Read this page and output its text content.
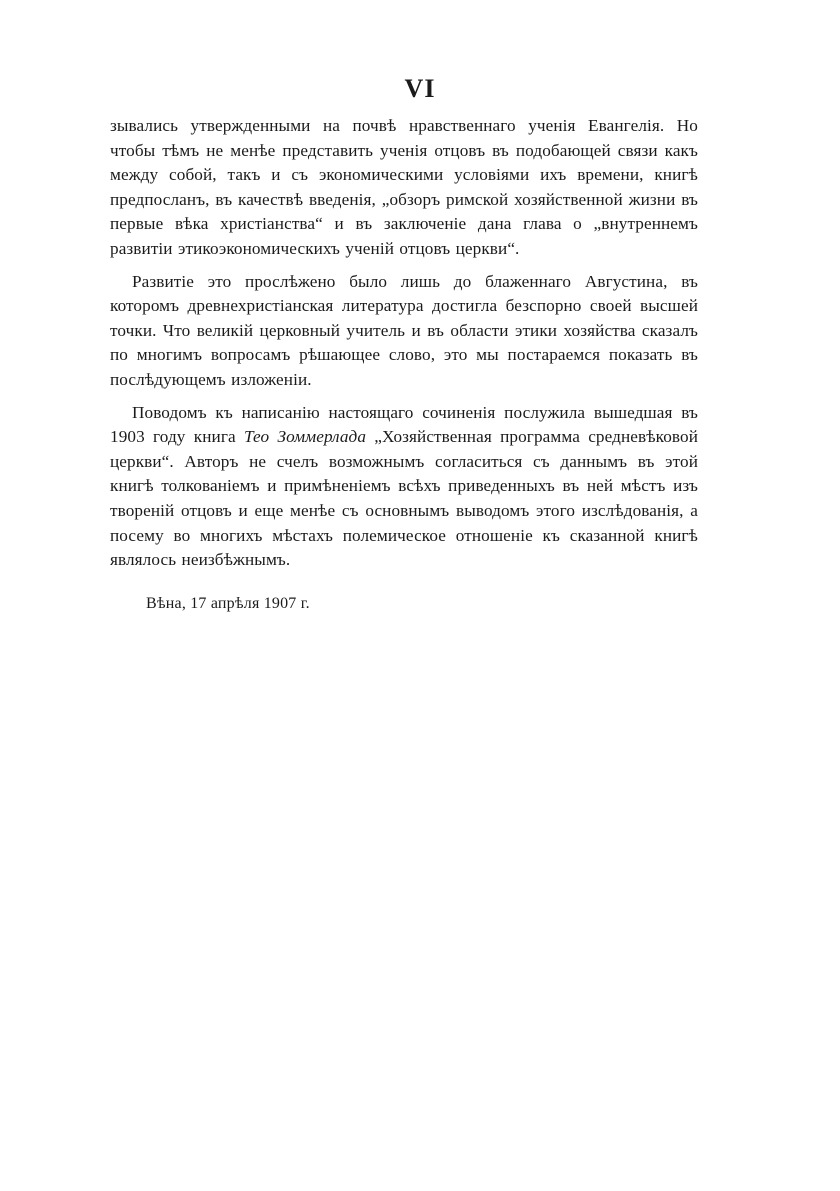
VI

зывались утвержденными на почвѣ нравственнаго ученія Евангелія. Но чтобы тѣмъ не менѣе представить ученія отцовъ въ подобающей связи какъ между собой, такъ и съ экономическими условіями ихъ времени, книгѣ предпосланъ, въ качествѣ введенія, „обзоръ римской хозяйственной жизни въ первые вѣка христіанства“ и въ заключеніе дана глава о „внутреннемъ развитіи этикоэкономическихъ ученій отцовъ церкви“.

Развитіе это прослѣжено было лишь до блаженнаго Августина, въ которомъ древнехристіанская литература достигла безспорно своей высшей точки. Что великій церковный учитель и въ области этики хозяйства сказалъ по многимъ вопросамъ рѣшающее слово, это мы постараемся показать въ послѣдующемъ изложеніи.

Поводомъ къ написанію настоящаго сочиненія послужила вышедшая въ 1903 году книга Тео Зоммерлада „Хозяйственная программа средневѣковой церкви“. Авторъ не счелъ возможнымъ согласиться съ даннымъ въ этой книгѣ толкованіемъ и примѣненіемъ всѣхъ приведенныхъ въ ней мѣстъ изъ твореній отцовъ и еще менѣе съ основнымъ выводомъ этого изслѣдованія, а посему во многихъ мѣстахъ полемическое отношеніе къ сказанной книгѣ являлось неизбѣжнымъ.

Вѣна, 17 апрѣля 1907 г.
